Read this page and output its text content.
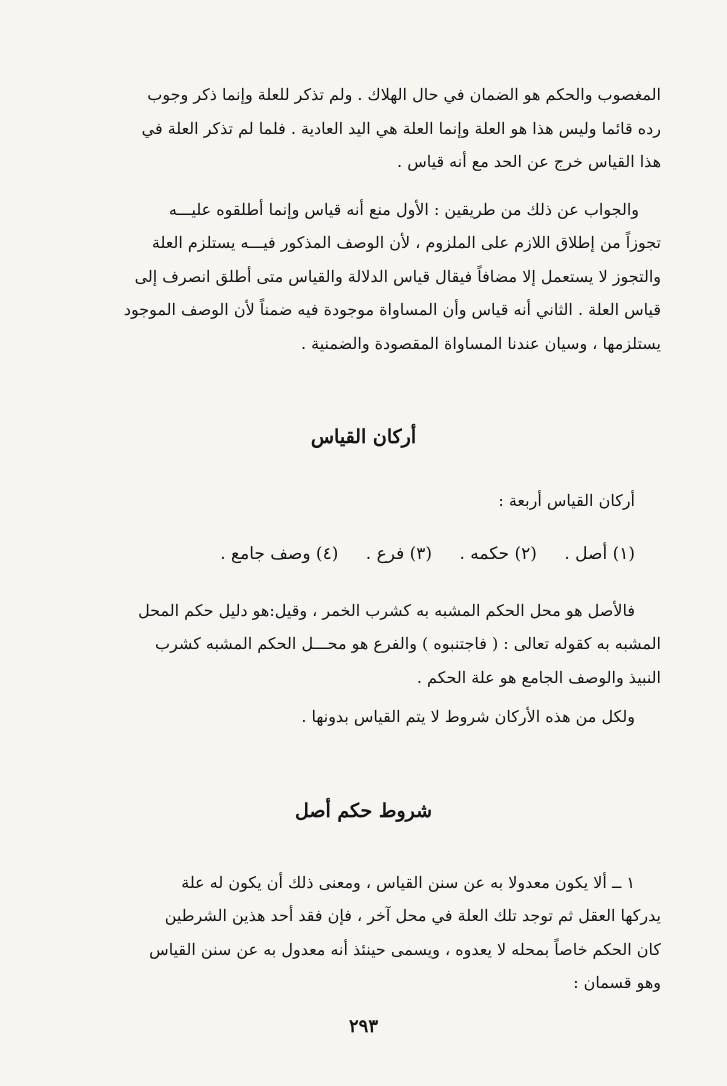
المغصوب والحكم هو الضمان في حال الهلاك . ولم تذكر للعلة وإنما ذكر وجوب
رده قائما وليس هذا هو العلة وإنما العلة هي اليد العادية . فلما لم تذكر العلة في
هذا القياس خرج عن الحد مع أنه قياس .
والجواب عن ذلك من طريقين : الأول منع أنه قياس وإنما أطلقوه عليـــه
تجوزاً من إطلاق اللازم على الملزوم ، لأن الوصف المذكور فيـــه يستلزم العلة
والتجوز لا يستعمل إلا مضافاً فيقال قياس الدلالة والقياس متى أطلق انصرف إلى
قياس العلة . الثاني أنه قياس وأن المساواة موجودة فيه ضمناً لأن الوصف الموجود
يستلزمها ، وسيان عندنا المساواة المقصودة والضمنية .
أركان القياس
أركان القياس أربعة :
(١) أصل . (٢) حكمه . (٣) فرع . (٤) وصف جامع .
فالأصل هو محل الحكم المشبه به كشرب الخمر ، وقيل:هو دليل حكم المحل
المشبه به كقوله تعالى : ( فاجتنبوه ) والفرع هو محـــل الحكم المشبه كشرب
النبيذ والوصف الجامع هو علة الحكم .
ولكل من هذه الأركان شروط لا يتم القياس بدونها .
شروط حكم أصل
١ ــ ألا يكون معدولا به عن سنن القياس ، ومعنى ذلك أن يكون له علة
يدركها العقل ثم توجد تلك العلة في محل آخر ، فإن فقد أحد هذين الشرطين
كان الحكم خاصاً بمحله لا يعدوه ، ويسمى حينئذ أنه معدول به عن سنن القياس
وهو قسمان :
٢٩٣
